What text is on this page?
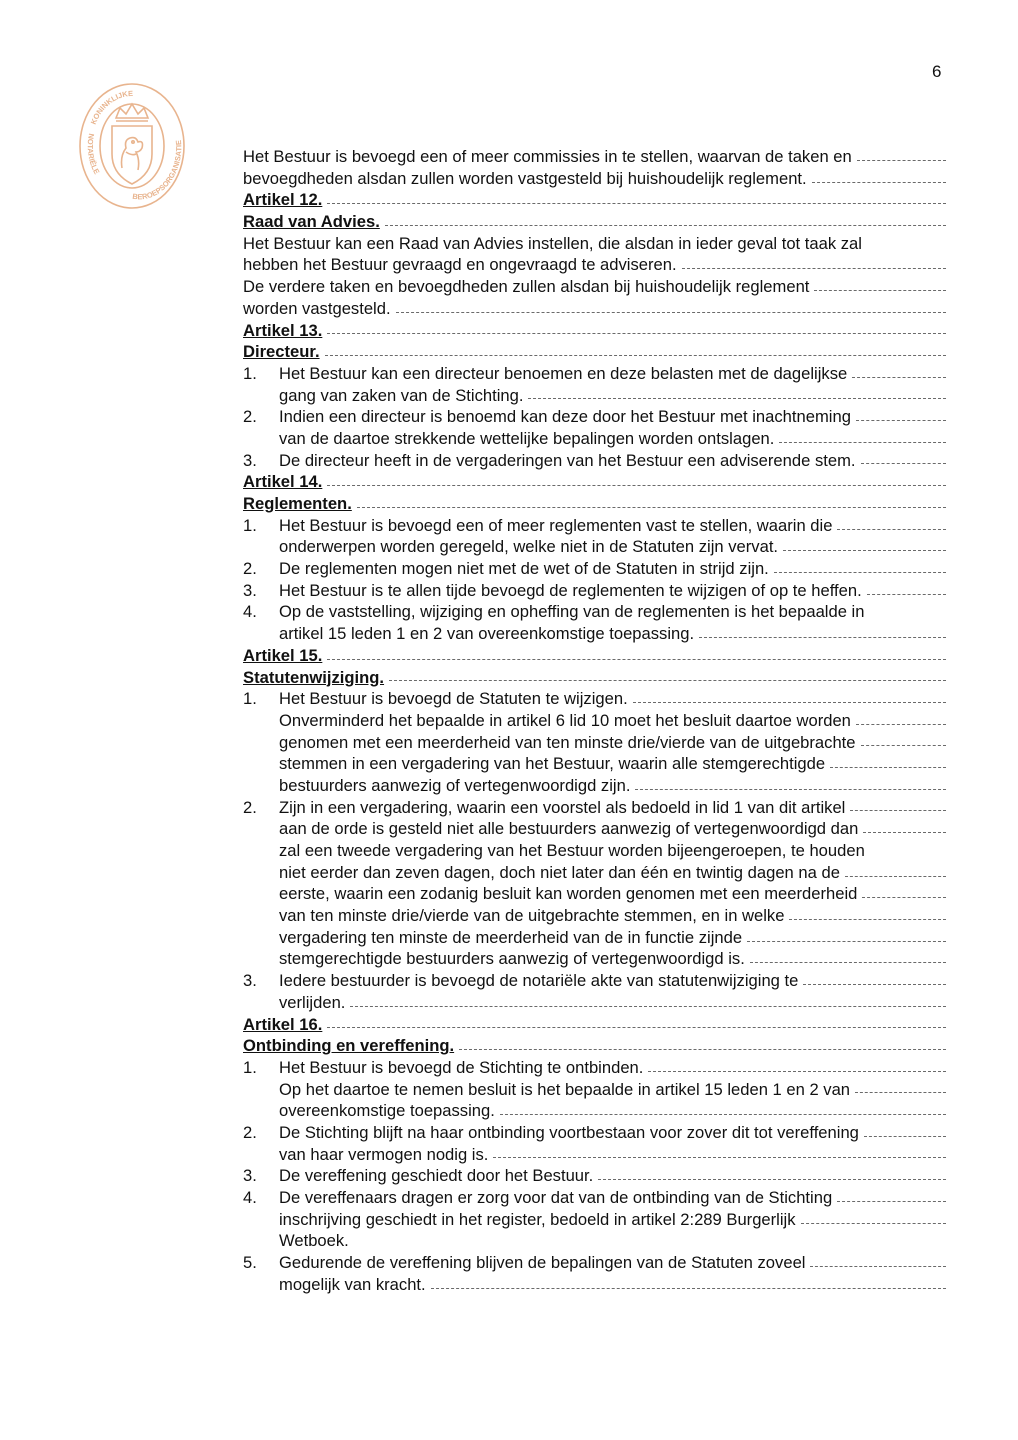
6
KONINKLIJKE
NOTARIËLE
BEROEPSORGANISATIE
Het Bestuur is bevoegd een of meer commissies in te stellen, waarvan de taken en
bevoegdheden alsdan zullen worden vastgesteld bij huishoudelijk reglement.
Artikel 12.
Raad van Advies.
Het Bestuur kan een Raad van Advies instellen, die alsdan in ieder geval tot taak zal
hebben het Bestuur gevraagd en ongevraagd te adviseren.
De verdere taken en bevoegdheden zullen alsdan bij huishoudelijk reglement
worden vastgesteld.
Artikel 13.
Directeur.
1.	Het Bestuur kan een directeur benoemen en deze belasten met de dagelijkse
gang van zaken van de Stichting.
2.	Indien een directeur is benoemd kan deze door het Bestuur met inachtneming
van de daartoe strekkende wettelijke bepalingen worden ontslagen.
3.	De directeur heeft in de vergaderingen van het Bestuur een adviserende stem.
Artikel 14.
Reglementen.
1.	Het Bestuur is bevoegd een of meer reglementen vast te stellen, waarin die
onderwerpen worden geregeld, welke niet in de Statuten zijn vervat.
2.	De reglementen mogen niet met de wet of de Statuten in strijd zijn.
3.	Het Bestuur is te allen tijde bevoegd de reglementen te wijzigen of op te heffen.
4.	Op de vaststelling, wijziging en opheffing van de reglementen is het bepaalde in
artikel 15 leden 1 en 2 van overeenkomstige toepassing.
Artikel 15.
Statutenwijziging.
1.	Het Bestuur is bevoegd de Statuten te wijzigen.
Onverminderd het bepaalde in artikel 6 lid 10 moet het besluit daartoe worden
genomen met een meerderheid van ten minste drie/vierde van de uitgebrachte
stemmen in een vergadering van het Bestuur, waarin alle stemgerechtigde
bestuurders aanwezig of vertegenwoordigd zijn.
2.	Zijn in een vergadering, waarin een voorstel als bedoeld in lid 1 van dit artikel
aan de orde is gesteld niet alle bestuurders aanwezig of vertegenwoordigd dan
zal een tweede vergadering van het Bestuur worden bijeengeroepen, te houden
niet eerder dan zeven dagen, doch niet later dan één en twintig dagen na de
eerste, waarin een zodanig besluit kan worden genomen met een meerderheid
van ten minste drie/vierde van de uitgebrachte stemmen, en in welke
vergadering ten minste de meerderheid van de in functie zijnde
stemgerechtigde bestuurders aanwezig of vertegenwoordigd is.
3.	Iedere bestuurder is bevoegd de notariële akte van statutenwijziging te
verlijden.
Artikel 16.
Ontbinding en vereffening.
1.	Het Bestuur is bevoegd de Stichting te ontbinden.
Op het daartoe te nemen besluit is het bepaalde in artikel 15 leden 1 en 2 van
overeenkomstige toepassing.
2.	De Stichting blijft na haar ontbinding voortbestaan voor zover dit tot vereffening
van haar vermogen nodig is.
3.	De vereffening geschiedt door het Bestuur.
4.	De vereffenaars dragen er zorg voor dat van de ontbinding van de Stichting
inschrijving geschiedt in het register, bedoeld in artikel 2:289 Burgerlijk
Wetboek.
5.	Gedurende de vereffening blijven de bepalingen van de Statuten zoveel
mogelijk van kracht.
